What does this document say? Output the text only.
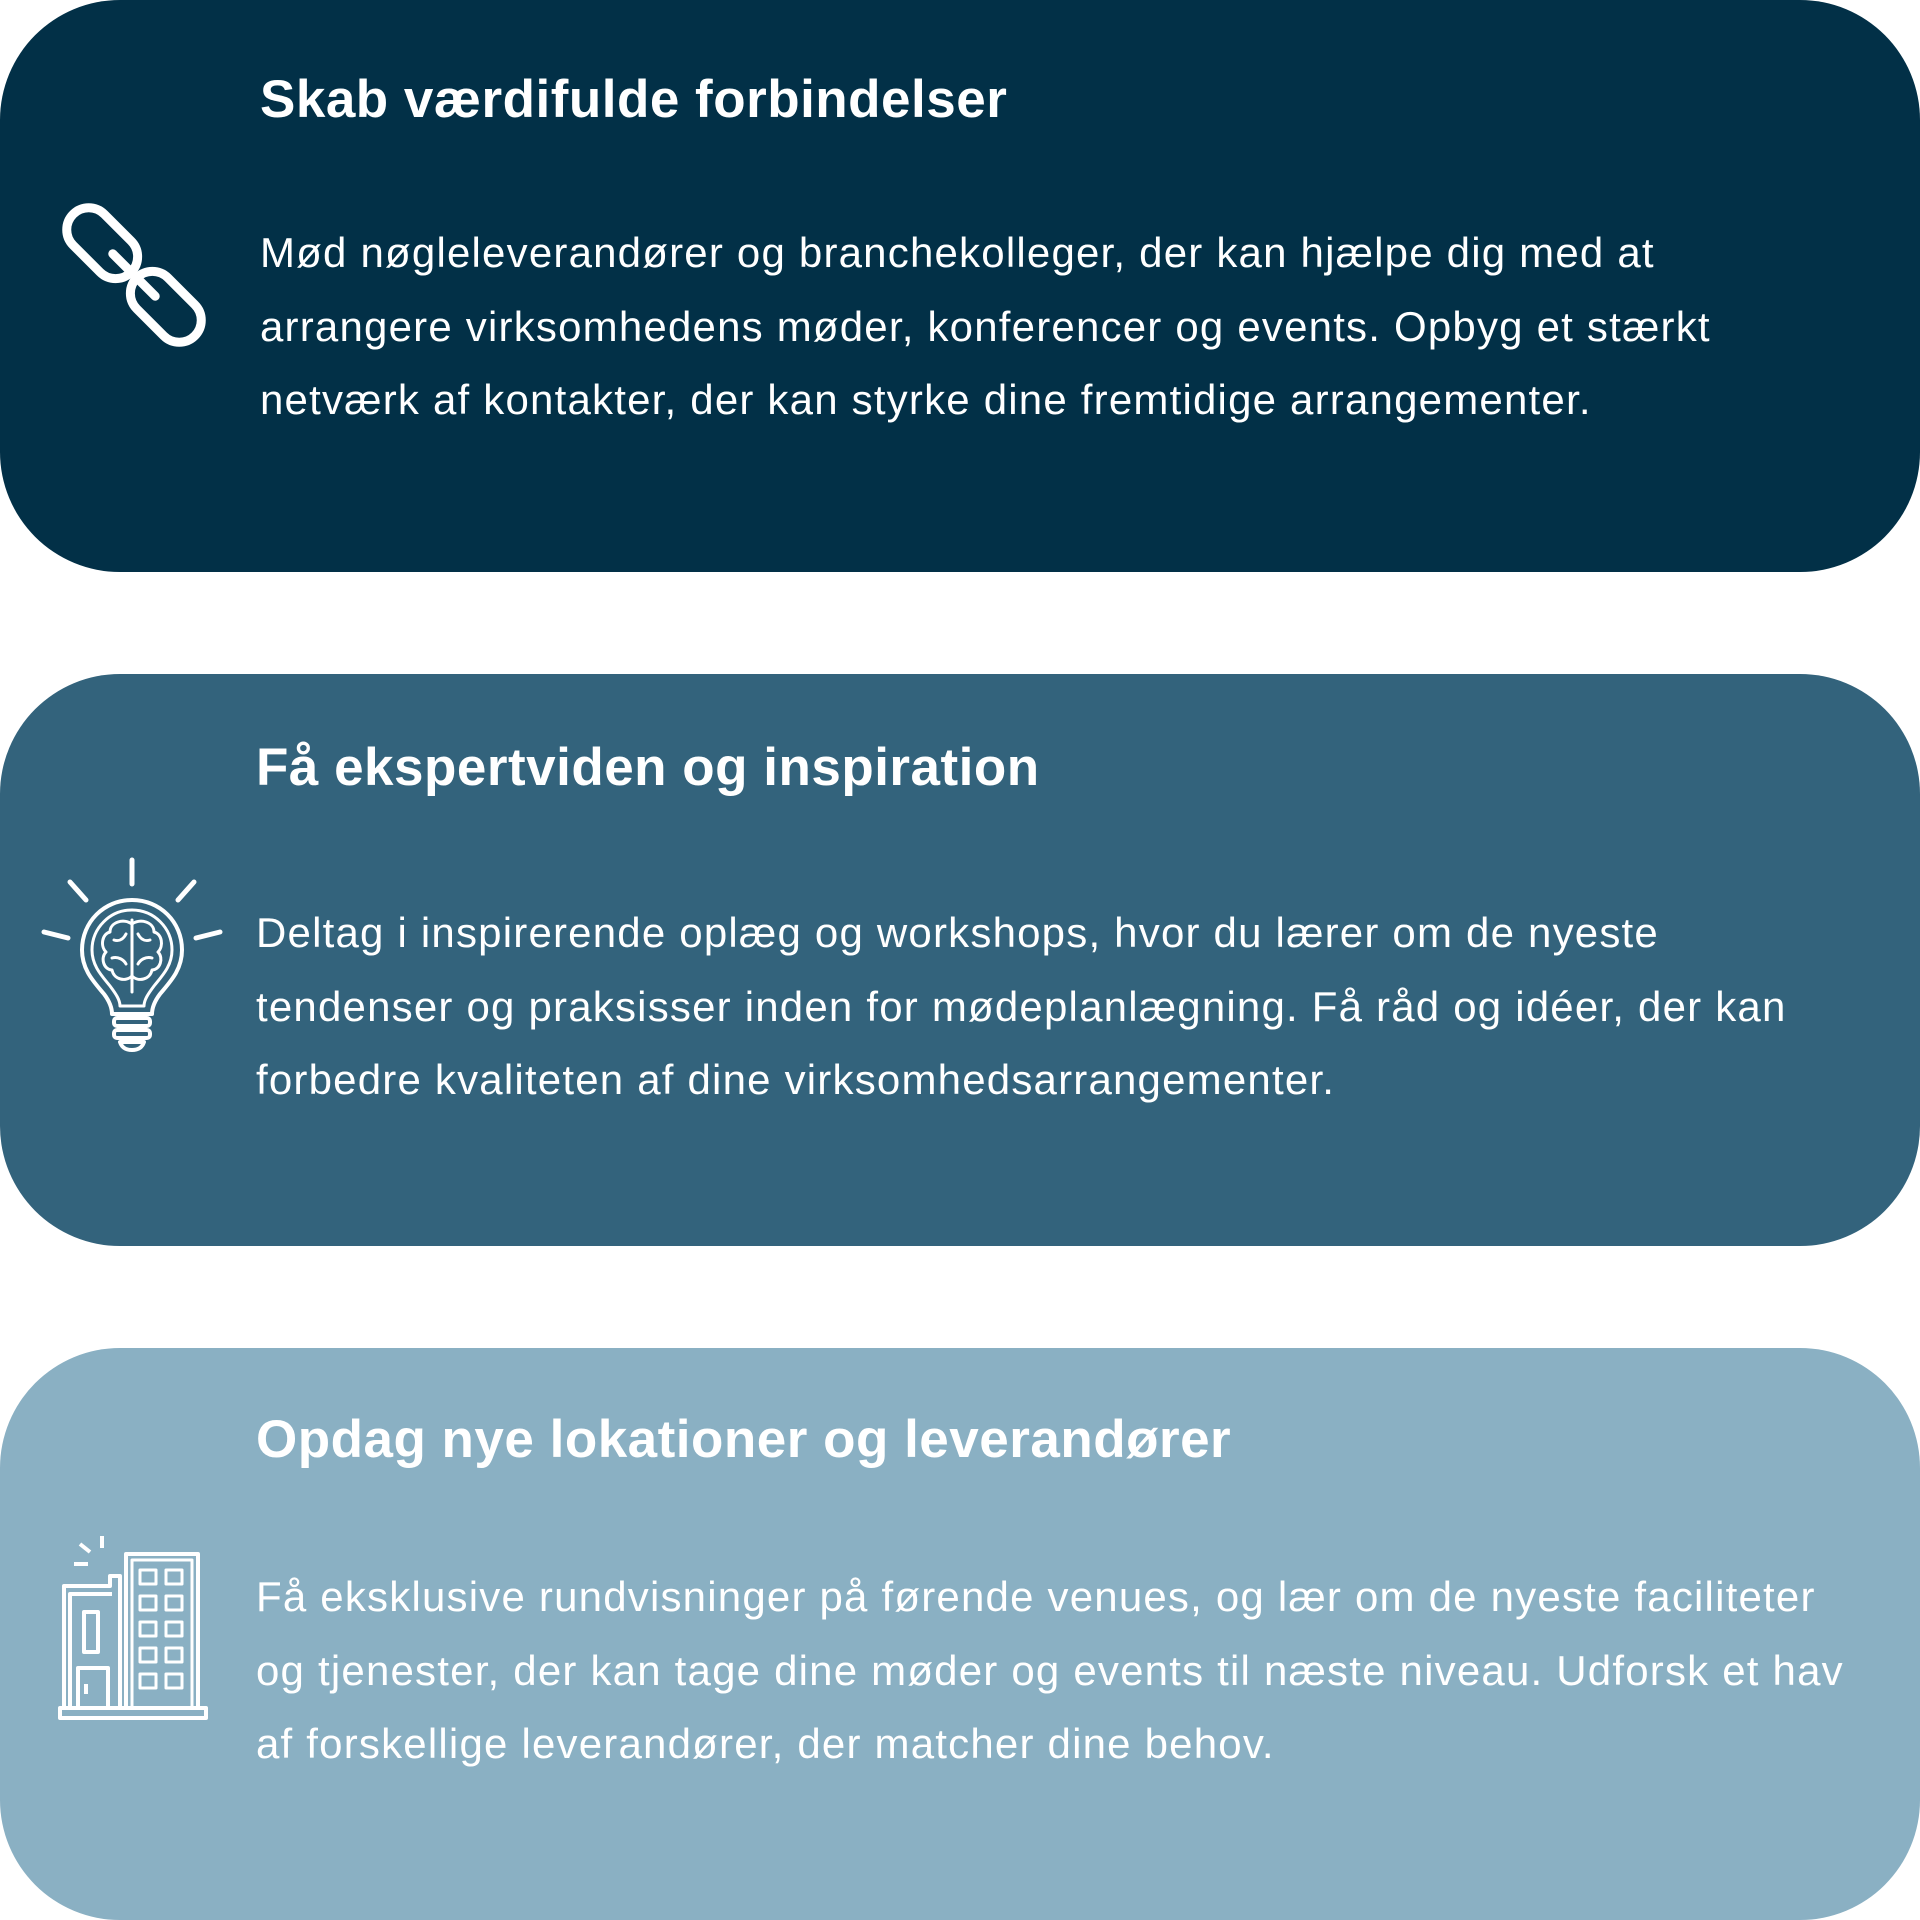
Skab værdifulde forbindelser

Mød nøgleleverandører og branchekolleger, der kan hjælpe dig med at arrangere virksomhedens møder, konferencer og events. Opbyg et stærkt netværk af kontakter, der kan styrke dine fremtidige arrangementer.

Få ekspertviden og inspiration

Deltag i inspirerende oplæg og workshops, hvor du lærer om de nyeste tendenser og praksisser inden for mødeplanlægning. Få råd og idéer, der kan forbedre kvaliteten af dine virksomhedsarrangementer.

Opdag nye lokationer og leverandører

Få eksklusive rundvisninger på førende venues, og lær om de nyeste faciliteter og tjenester, der kan tage dine møder og events til næste niveau. Udforsk et hav af forskellige leverandører, der matcher dine behov.
